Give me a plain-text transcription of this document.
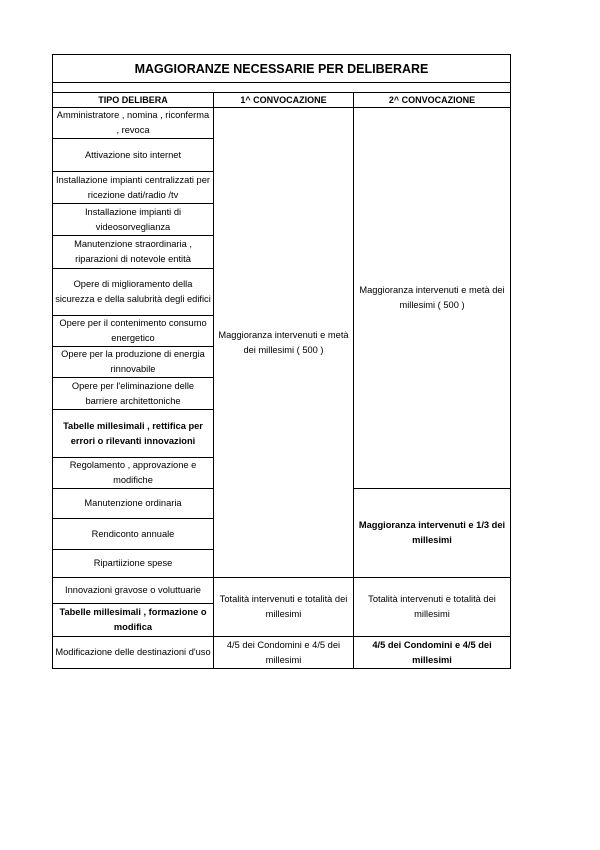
MAGGIORANZE NECESSARIE PER DELIBERARE		

TIPO DELIBERA	1^ CONVOCAZIONE	2^ CONVOCAZIONE
Amministratore , nomina , riconferma , revoca	Maggioranza intervenuti e metà dei millesimi ( 500 )	Maggioranza intervenuti e metà dei millesimi ( 500 )
Attivazione sito internet		
Installazione impianti centralizzati per ricezione dati/radio /tv		
Installazione impianti di videosorveglianza		
Manutenzione straordinaria , riparazioni di notevole entità		
Opere di miglioramento della sicurezza e della salubrità degli edifici		
Opere per il contenimento consumo energetico		
Opere per la produzione di energia rinnovabile		
Opere per l'eliminazione delle barriere architettoniche		
Tabelle millesimali , rettifica per errori o rilevanti innovazioni		
Regolamento , approvazione e modifiche		
Manutenzione ordinaria		Maggioranza intervenuti e 1/3 dei millesimi
Rendiconto annuale		
Ripartiizione spese		
Innovazioni gravose o voluttuarie	Totalità intervenuti e totalità dei millesimi	Totalità intervenuti e totalità dei millesimi
Tabelle millesimali , formazione o modifica		
Modificazione delle destinazioni d'uso	4/5 dei Condomini e 4/5 dei millesimi	4/5 dei Condomini e 4/5 dei millesimi
